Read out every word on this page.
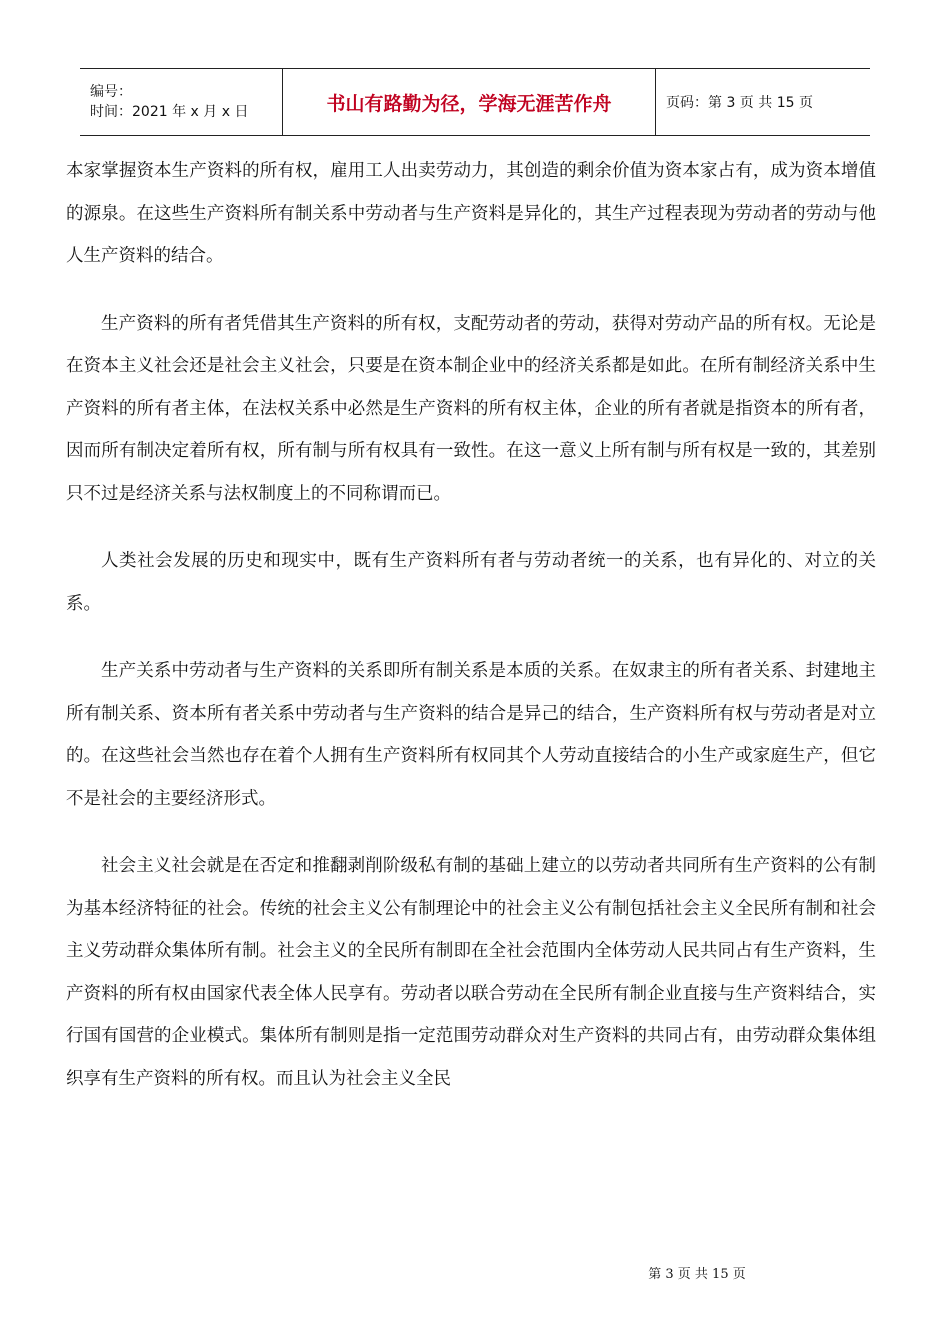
编号：
时间：2021 年 x 月 x 日	书山有路勤为径，学海无涯苦作舟	页码：第 3 页 共 15 页

本家掌握资本生产资料的所有权，雇用工人出卖劳动力，其创造的剩余价值为资本家占有，成为资本增值的源泉。在这些生产资料所有制关系中劳动者与生产资料是异化的，其生产过程表现为劳动者的劳动与他人生产资料的结合。

生产资料的所有者凭借其生产资料的所有权，支配劳动者的劳动，获得对劳动产品的所有权。无论是在资本主义社会还是社会主义社会，只要是在资本制企业中的经济关系都是如此。在所有制经济关系中生产资料的所有者主体，在法权关系中必然是生产资料的所有权主体，企业的所有者就是指资本的所有者，因而所有制决定着所有权，所有制与所有权具有一致性。在这一意义上所有制与所有权是一致的，其差别只不过是经济关系与法权制度上的不同称谓而已。

人类社会发展的历史和现实中，既有生产资料所有者与劳动者统一的关系，也有异化的、对立的关系。

生产关系中劳动者与生产资料的关系即所有制关系是本质的关系。在奴隶主的所有者关系、封建地主所有制关系、资本所有者关系中劳动者与生产资料的结合是异己的结合，生产资料所有权与劳动者是对立的。在这些社会当然也存在着个人拥有生产资料所有权同其个人劳动直接结合的小生产或家庭生产，但它不是社会的主要经济形式。

社会主义社会就是在否定和推翻剥削阶级私有制的基础上建立的以劳动者共同所有生产资料的公有制为基本经济特征的社会。传统的社会主义公有制理论中的社会主义公有制包括社会主义全民所有制和社会主义劳动群众集体所有制。社会主义的全民所有制即在全社会范围内全体劳动人民共同占有生产资料，生产资料的所有权由国家代表全体人民享有。劳动者以联合劳动在全民所有制企业直接与生产资料结合，实行国有国营的企业模式。集体所有制则是指一定范围劳动群众对生产资料的共同占有，由劳动群众集体组织享有生产资料的所有权。而且认为社会主义全民

第 3 页 共 15 页
